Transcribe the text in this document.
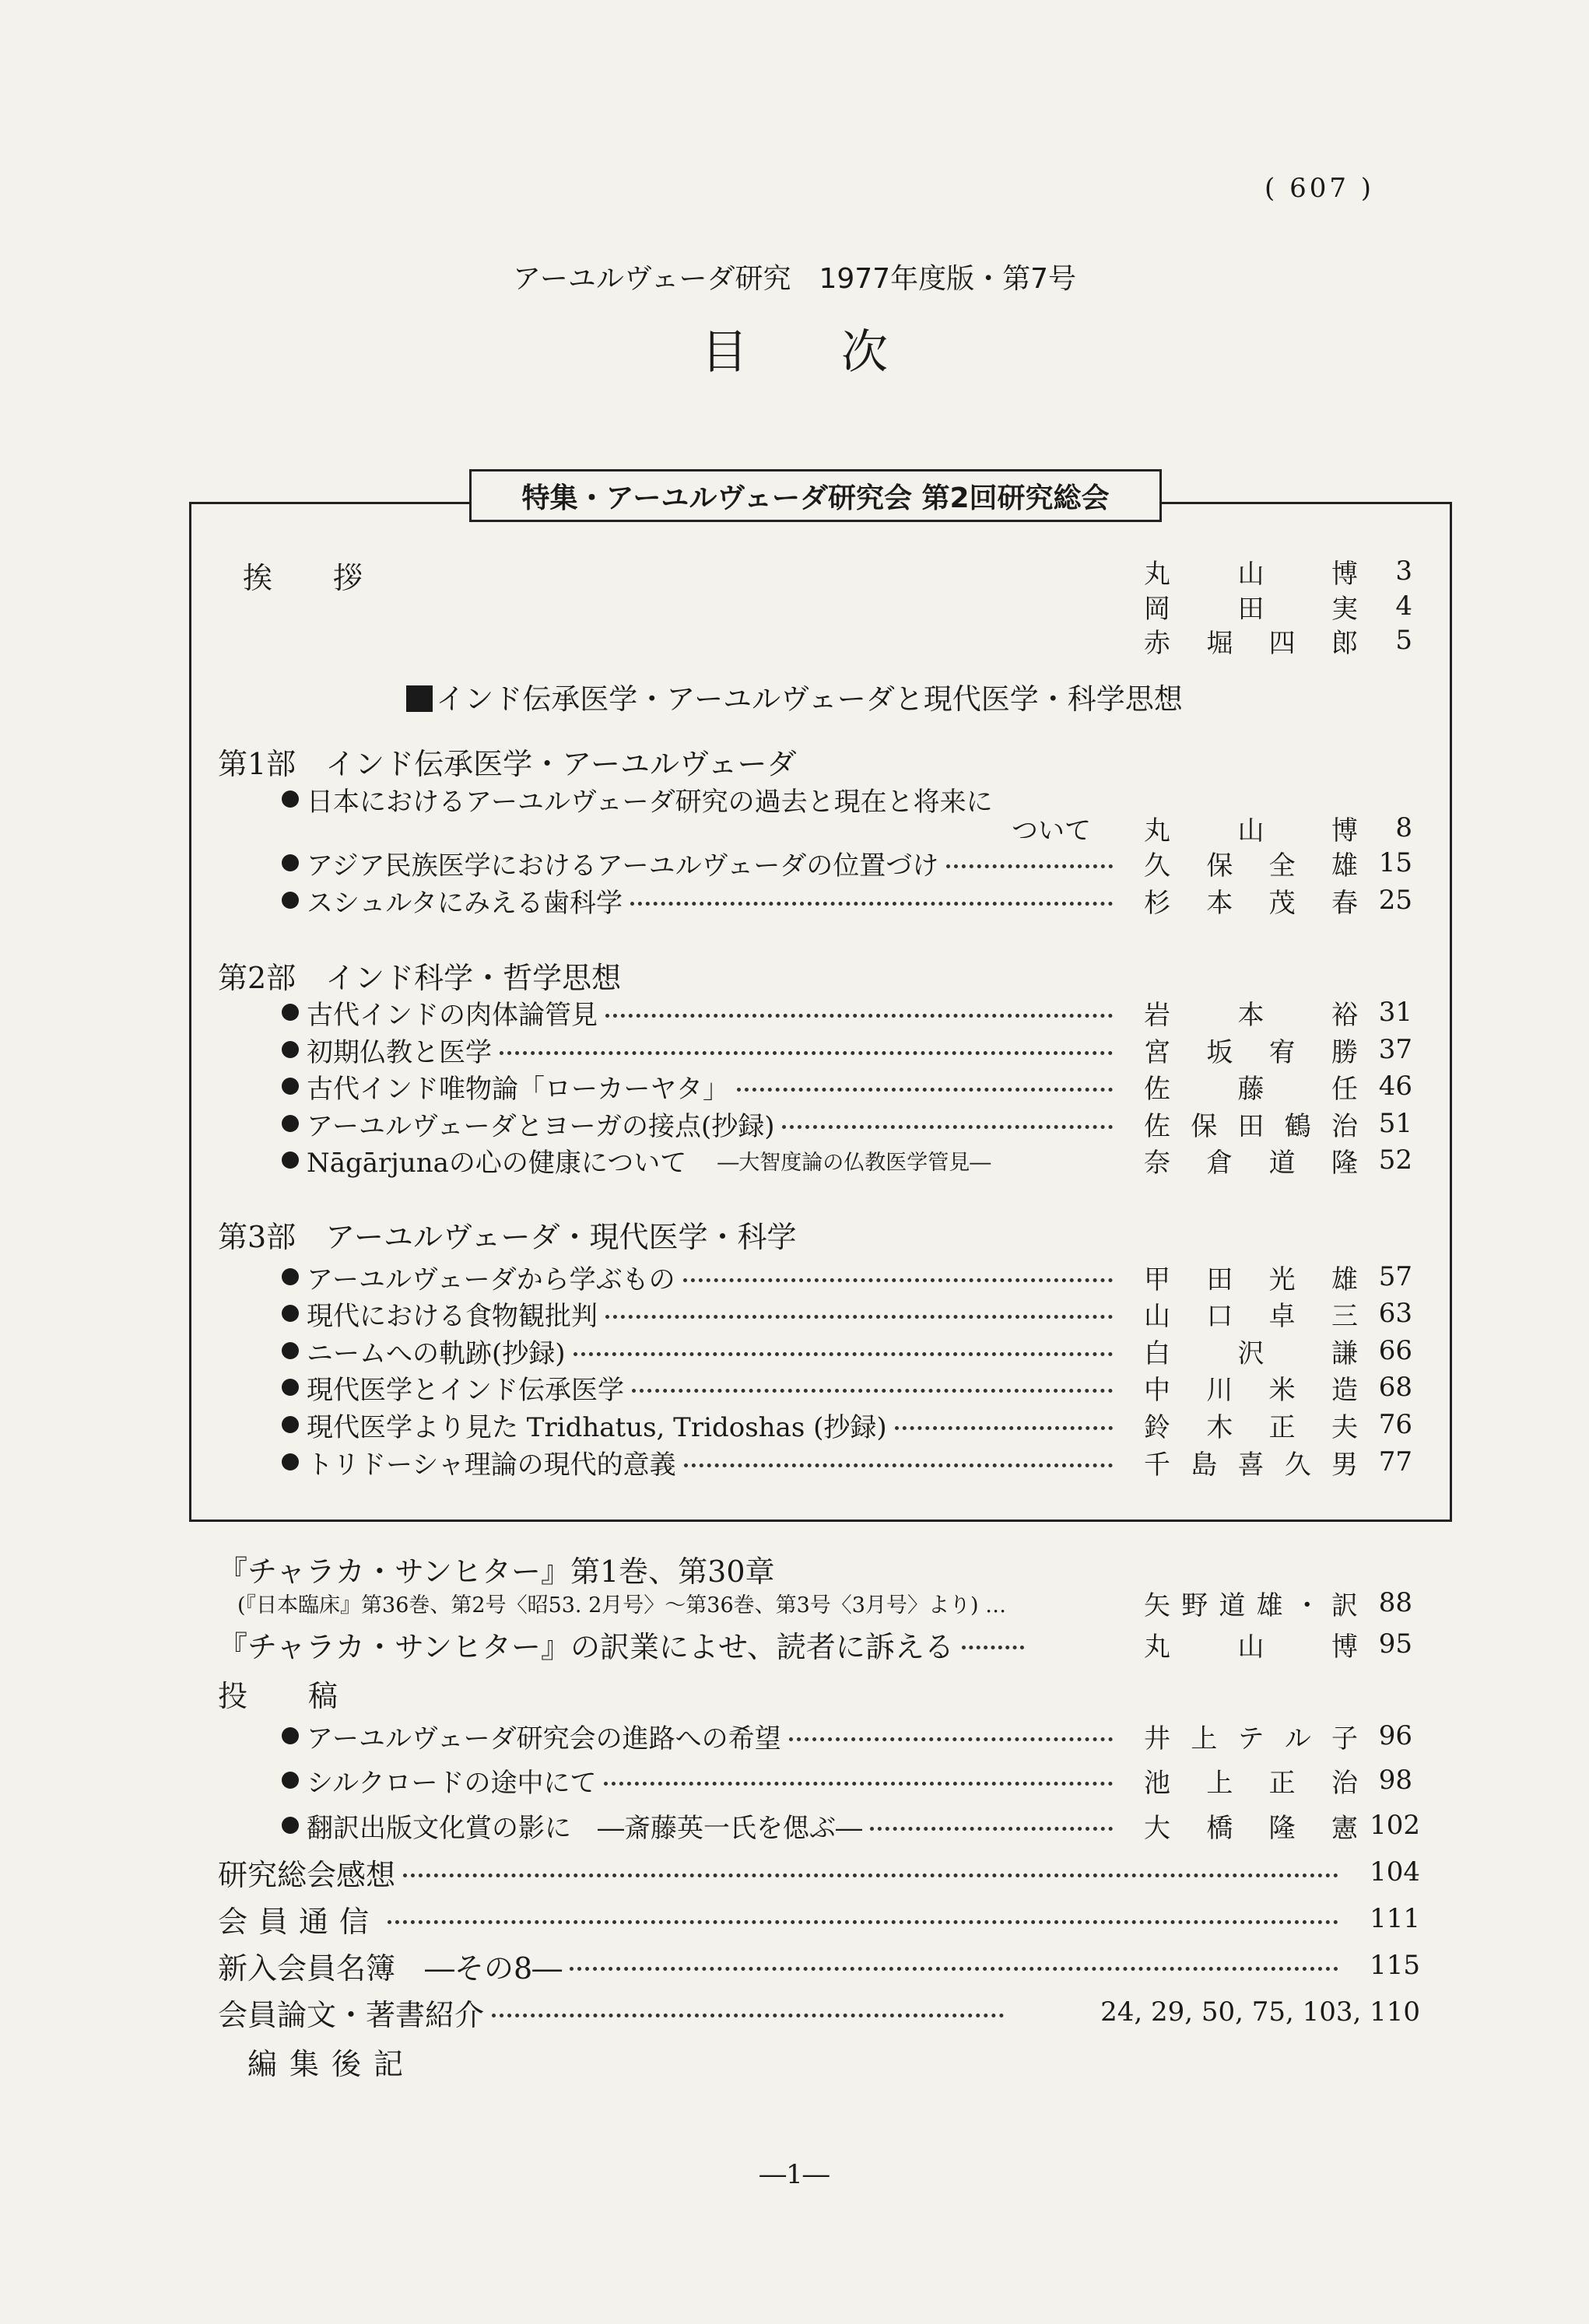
( 607 )
アーユルヴェーダ研究　1977年度版・第7号
目次
特集・アーユルヴェーダ研究会 第2回研究総会
挨　拶	丸	山	博	3
岡	田	実	4
赤 堀 四 郎	5
インド伝承医学・アーユルヴェーダと現代医学・科学思想
第1部　インド伝承医学・アーユルヴェーダ
日本におけるアーユルヴェーダ研究の過去と現在と将来に
ついて 丸	山	博	8
アジア民族医学におけるアーユルヴェーダの位置づけ	久 保 全 雄 15
スシュルタにみえる歯科学	杉 本 茂 春 25
第2部　インド科学・哲学思想
古代インドの肉体論管見	岩	本	裕 31
初期仏教と医学	宮 坂 宥 勝 37
古代インド唯物論「ローカーヤタ」	佐	藤	任 46
アーユルヴェーダとヨーガの接点(抄録)	佐 保 田 鶴 治 51
Nāgārjunaの心の健康について ―大智度論の仏教医学管見―	奈 倉 道 隆 52
第3部　アーユルヴェーダ・現代医学・科学
アーユルヴェーダから学ぶもの	甲 田 光 雄 57
現代における食物観批判	山 口 卓 三 63
ニームへの軌跡(抄録)	白	沢	謙 66
現代医学とインド伝承医学	中 川 米 造 68
現代医学より見た Tridhatus, Tridoshas (抄録)	鈴 木 正 夫 76
トリドーシャ理論の現代的意義	千 島 喜 久 男 77
『チャラカ・サンヒター』第1巻、第30章
(『日本臨床』第36巻、第2号〈昭53. 2月号〉～第36巻、第3号〈3月号〉より) …	矢 野 道 雄 ・ 訳 88
『チャラカ・サンヒター』の訳業によせ、読者に訴える	丸	山	博 95
投　稿
アーユルヴェーダ研究会の進路への希望	井 上 テ ル 子 96
シルクロードの途中にて	池 上 正 治 98
翻訳出版文化賞の影に　―斎藤英一氏を偲ぶ―	大 橋 隆 憲 102
研究総会感想	104
会員通信	111
新入会員名簿　―その8―	115
会員論文・著書紹介	24, 29, 50, 75, 103, 110
編集後記
―1―
